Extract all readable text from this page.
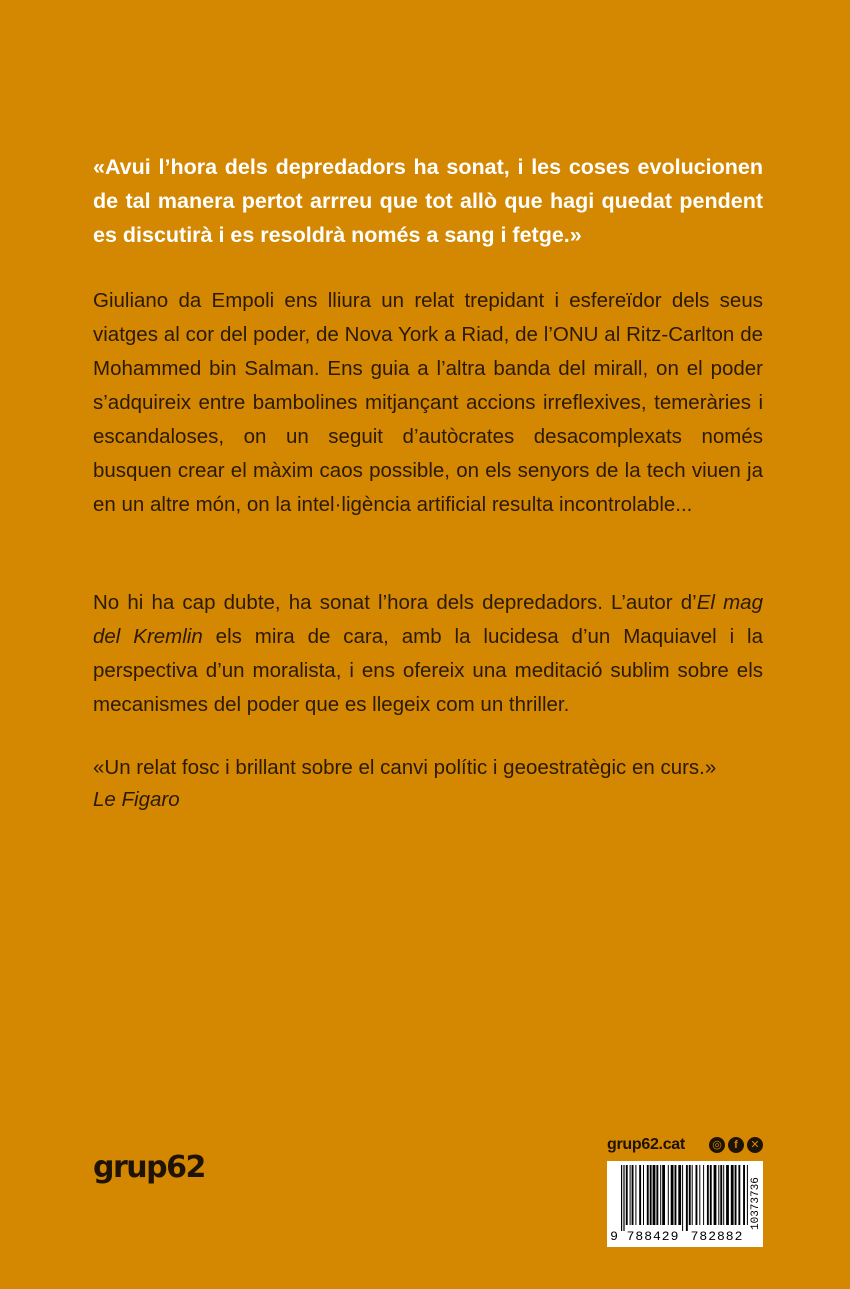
«Avui l’hora dels depredadors ha sonat, i les coses evolucionen de tal manera pertot arrreu que tot allò que hagi quedat pendent es discutirà i es resoldrà només a sang i fetge.»

Giuliano da Empoli ens lliura un relat trepidant i esfereïdor dels seus viatges al cor del poder, de Nova York a Riad, de l’ONU al Ritz-Carlton de Mohammed bin Salman. Ens guia a l’altra banda del mirall, on el poder s’adquireix entre bambolines mitjançant accions irreflexives, temeràries i escandaloses, on un seguit d’autòcrates desacomplexats només busquen crear el màxim caos possible, on els senyors de la tech viuen ja en un altre món, on la intel·ligència artificial resulta incontrolable...

No hi ha cap dubte, ha sonat l’hora dels depredadors. L’autor d’El mag del Kremlin els mira de cara, amb la lucidesa d’un Maquiavel i la perspectiva d’un moralista, i ens ofereix una meditació sublim sobre els mecanismes del poder que es llegeix com un thriller.

«Un relat fosc i brillant sobre el canvi polític i geoestratègic en curs.»
Le Figaro
grup62
grup62.cat ◎	f	✕
9 788429 782882
10373736
